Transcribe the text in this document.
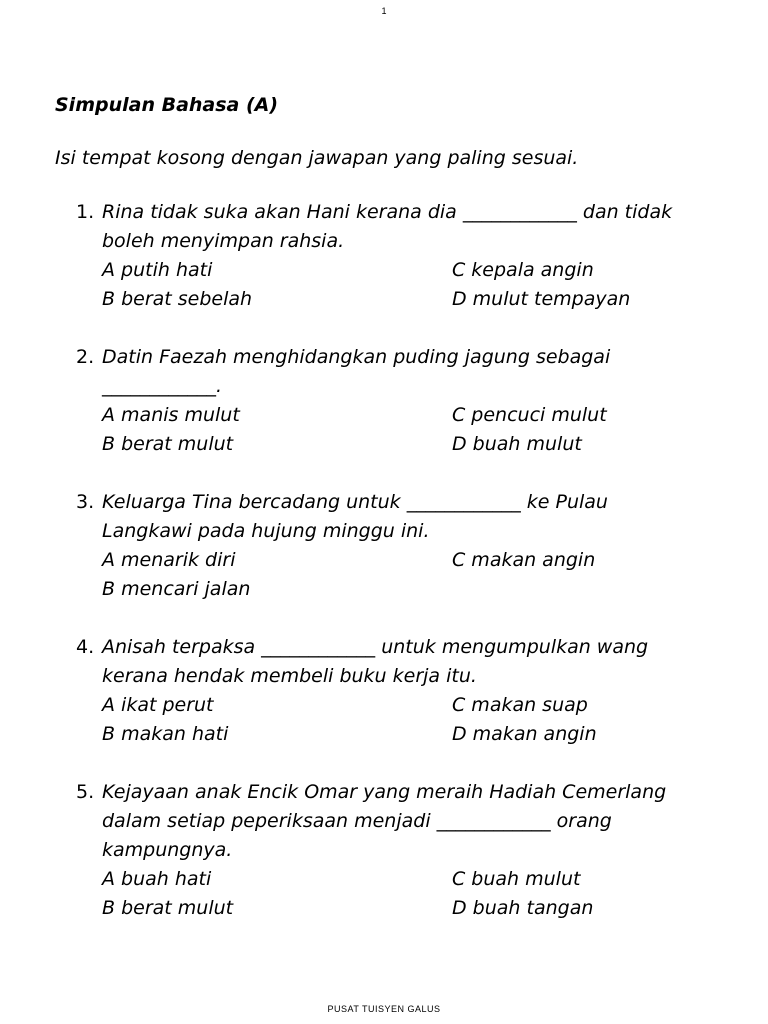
1
Simpulan Bahasa (A)
Isi tempat kosong dengan jawapan yang paling sesuai.
1. Rina tidak suka akan Hani kerana dia ____________ dan tidak boleh menyimpan rahsia.
A putih hati	C kepala angin
B berat sebelah	D mulut tempayan
2. Datin Faezah menghidangkan puding jagung sebagai ____________.
A manis mulut	C pencuci mulut
B berat mulut	D buah mulut
3. Keluarga Tina bercadang untuk ____________ ke Pulau Langkawi pada hujung minggu ini.
A menarik diri	C makan angin
B mencari jalan
4. Anisah terpaksa ____________ untuk mengumpulkan wang kerana hendak membeli buku kerja itu.
A ikat perut	C makan suap
B makan hati	D makan angin
5. Kejayaan anak Encik Omar yang meraih Hadiah Cemerlang dalam setiap peperiksaan menjadi ____________ orang kampungnya.
A buah hati	C buah mulut
B berat mulut	D buah tangan
PUSAT TUISYEN GALUS
